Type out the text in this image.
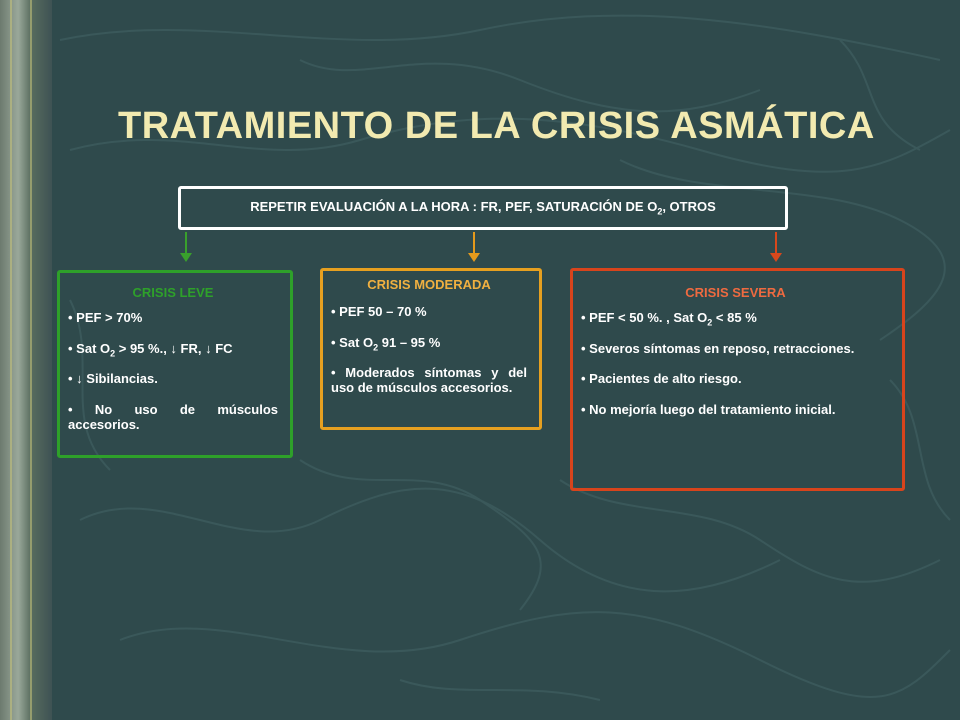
TRATAMIENTO DE LA CRISIS ASMÁTICA
REPETIR EVALUACIÓN A LA HORA : FR, PEF, SATURACIÓN DE $O_2$, OTROS
CRISIS LEVE
• PEF > 70%
• Sat $O_2 > 95$ %., ↓ FR, ↓ FC
• ↓ Sibilancias.
• No uso de músculos accesorios.
CRISIS MODERADA
• PEF 50 – 70 %
• Sat $O_2$ 91 – 95 %
• Moderados síntomas y del uso de músculos accesorios.
CRISIS SEVERA
• PEF < 50 %. , Sat $O_2 < 85$ %
• Severos síntomas en reposo, retracciones.
• Pacientes de alto riesgo.
• No mejoría luego del tratamiento inicial.
